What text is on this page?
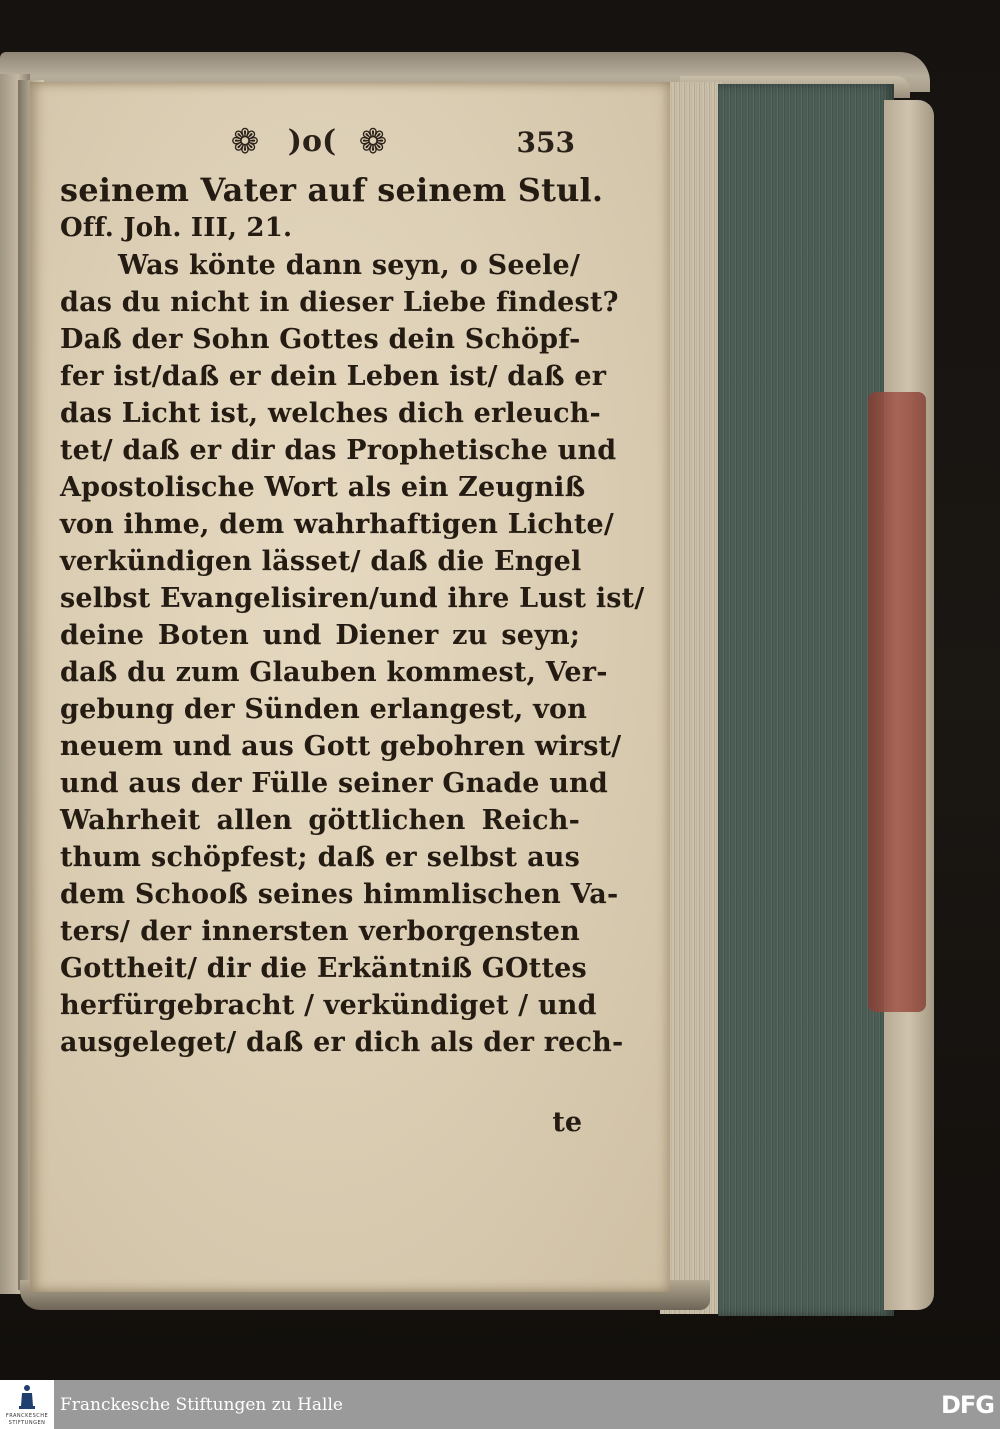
❁ )o( ❁	353
seinem Vater auf seinem Stul.
Off. Joh. III, 21.
Was könte dann seyn, o Seele/
das du nicht in dieser Liebe findest?
Daß der Sohn Gottes dein Schöpf-
fer ist/daß er dein Leben ist/ daß er
das Licht ist, welches dich erleuch-
tet/ daß er dir das Prophetische und
Apostolische Wort als ein Zeugniß
von ihme, dem wahrhaftigen Lichte/
verkündigen lässet/ daß die Engel
selbst Evangelisiren/und ihre Lust ist/
deine Boten und Diener zu seyn;
daß du zum Glauben kommest, Ver-
gebung der Sünden erlangest, von
neuem und aus Gott gebohren wirst/
und aus der Fülle seiner Gnade und
Wahrheit allen göttlichen Reich-
thum schöpfest; daß er selbst aus
dem Schooß seines himmlischen Va-
ters/ der innersten verborgensten
Gottheit/ dir die Erkäntniß GOttes
herfürgebracht / verkündiget / und
ausgeleget/ daß er dich als der rech-
te
FRANCKESCHE STIFTUNGEN
Franckesche Stiftungen zu Halle	DFG
